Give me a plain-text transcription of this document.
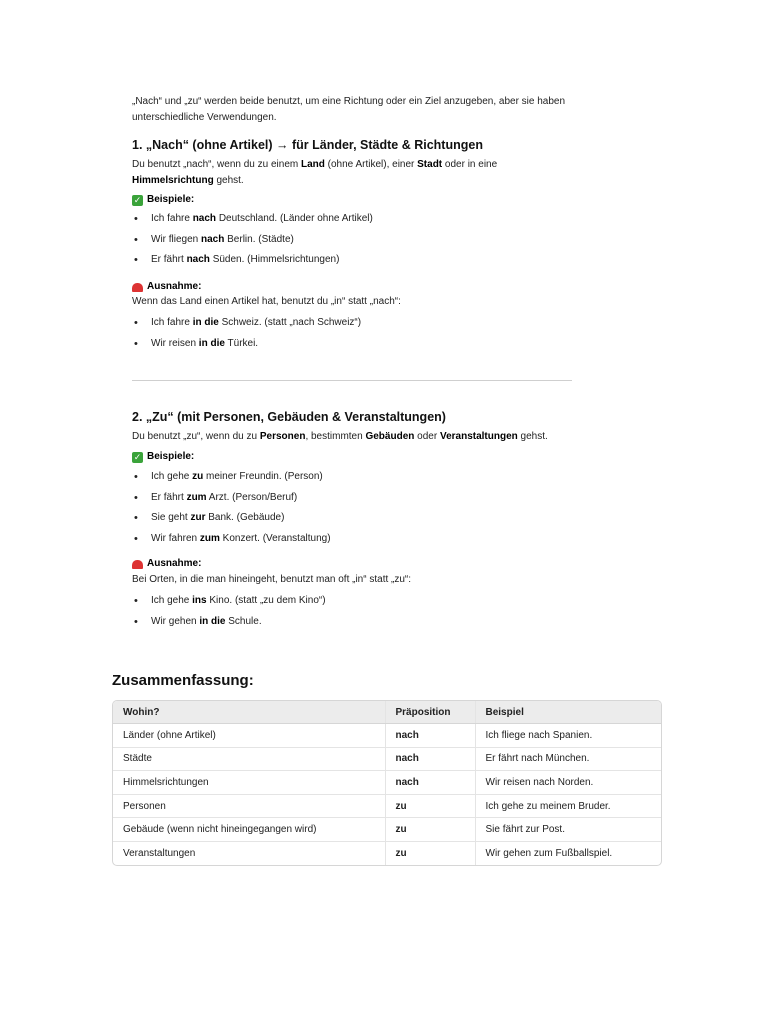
„Nach“ und „zu“ werden beide benutzt, um eine Richtung oder ein Ziel anzugeben, aber sie haben unterschiedliche Verwendungen.

1. „Nach“ (ohne Artikel) → für Länder, Städte & Richtungen

Du benutzt „nach“, wenn du zu einem Land (ohne Artikel), einer Stadt oder in eine Himmelsrichtung gehst.

✓ Beispiele:
• Ich fahre nach Deutschland. (Länder ohne Artikel)
• Wir fliegen nach Berlin. (Städte)
• Er fährt nach Süden. (Himmelsrichtungen)
Ausnahme:

Wenn das Land einen Artikel hat, benutzt du „in“ statt „nach“:

• Ich fahre in die Schweiz. (statt „nach Schweiz“)
• Wir reisen in die Türkei.
2. „Zu“ (mit Personen, Gebäuden & Veranstaltungen)

Du benutzt „zu“, wenn du zu Personen, bestimmten Gebäuden oder Veranstaltungen gehst.

✓ Beispiele:
• Ich gehe zu meiner Freundin. (Person)
• Er fährt zum Arzt. (Person/Beruf)
• Sie geht zur Bank. (Gebäude)
• Wir fahren zum Konzert. (Veranstaltung)
Ausnahme:

Bei Orten, in die man hineingeht, benutzt man oft „in“ statt „zu“:

• Ich gehe ins Kino. (statt „zu dem Kino“)
• Wir gehen in die Schule.
Zusammenfassung:
Wohin?	Präposition	Beispiel
Länder (ohne Artikel)	nach	Ich fliege nach Spanien.
Städte	nach	Er fährt nach München.
Himmelsrichtungen	nach	Wir reisen nach Norden.
Personen	zu	Ich gehe zu meinem Bruder.
Gebäude (wenn nicht hineingegangen wird)	zu	Sie fährt zur Post.
Veranstaltungen	zu	Wir gehen zum Fußballspiel.
